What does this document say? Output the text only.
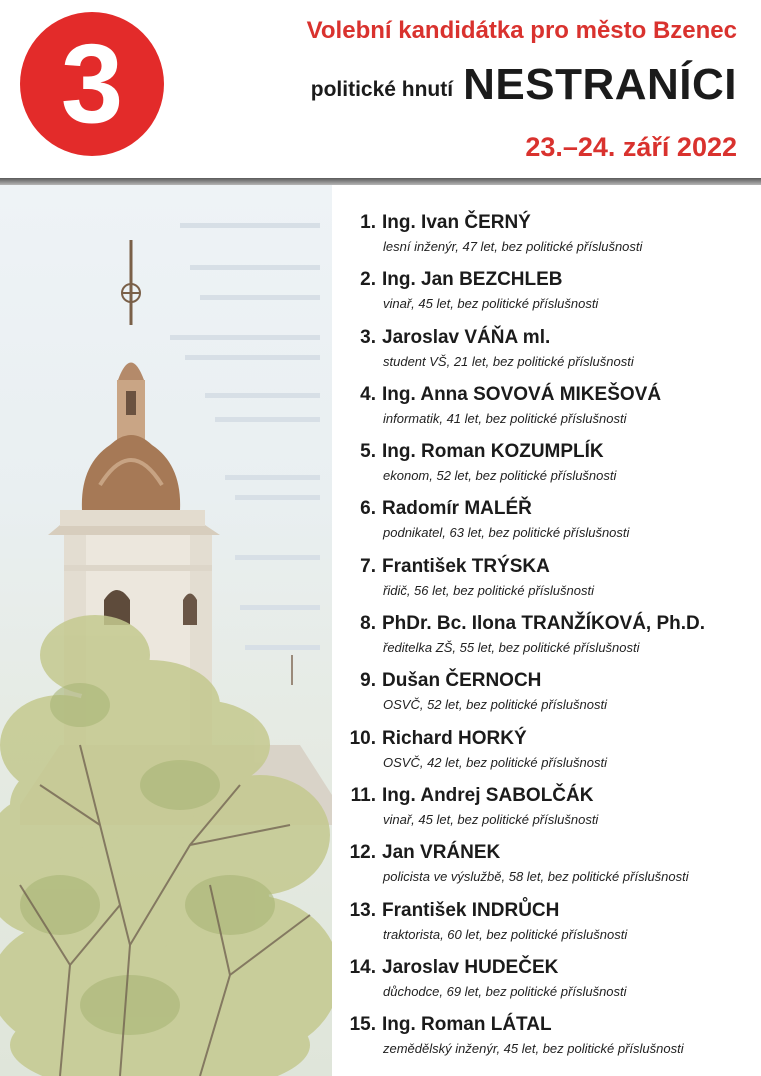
3	Volební kandidátka pro město Bzenec
politické hnutí NESTRANÍCI
23.–24. září 2022
1. Ing. Ivan ČERNÝ
lesní inženýr, 47 let, bez politické příslušnosti
2. Ing. Jan BEZCHLEB
vinař, 45 let, bez politické příslušnosti
3. Jaroslav VÁŇA ml.
student VŠ, 21 let, bez politické příslušnosti
4. Ing. Anna SOVOVÁ MIKEŠOVÁ
informatik, 41 let, bez politické příslušnosti
5. Ing. Roman KOZUMPLÍK
ekonom, 52 let, bez politické příslušnosti
6. Radomír MALÉŘ
podnikatel, 63 let, bez politické příslušnosti
7. František TRÝSKA
řidič, 56 let, bez politické příslušnosti
8. PhDr. Bc. Ilona TRANŽÍKOVÁ, Ph.D.
ředitelka ZŠ, 55 let, bez politické příslušnosti
9. Dušan ČERNOCH
OSVČ, 52 let, bez politické příslušnosti
10. Richard HORKÝ
OSVČ, 42 let, bez politické příslušnosti
11. Ing. Andrej SABOLČÁK
vinař, 45 let, bez politické příslušnosti
12. Jan VRÁNEK
policista ve výslužbě, 58 let, bez politické příslušnosti
13. František INDRŮCH
traktorista, 60 let, bez politické příslušnosti
14. Jaroslav HUDEČEK
důchodce, 69 let, bez politické příslušnosti
15. Ing. Roman LÁTAL
zemědělský inženýr, 45 let, bez politické příslušnosti
